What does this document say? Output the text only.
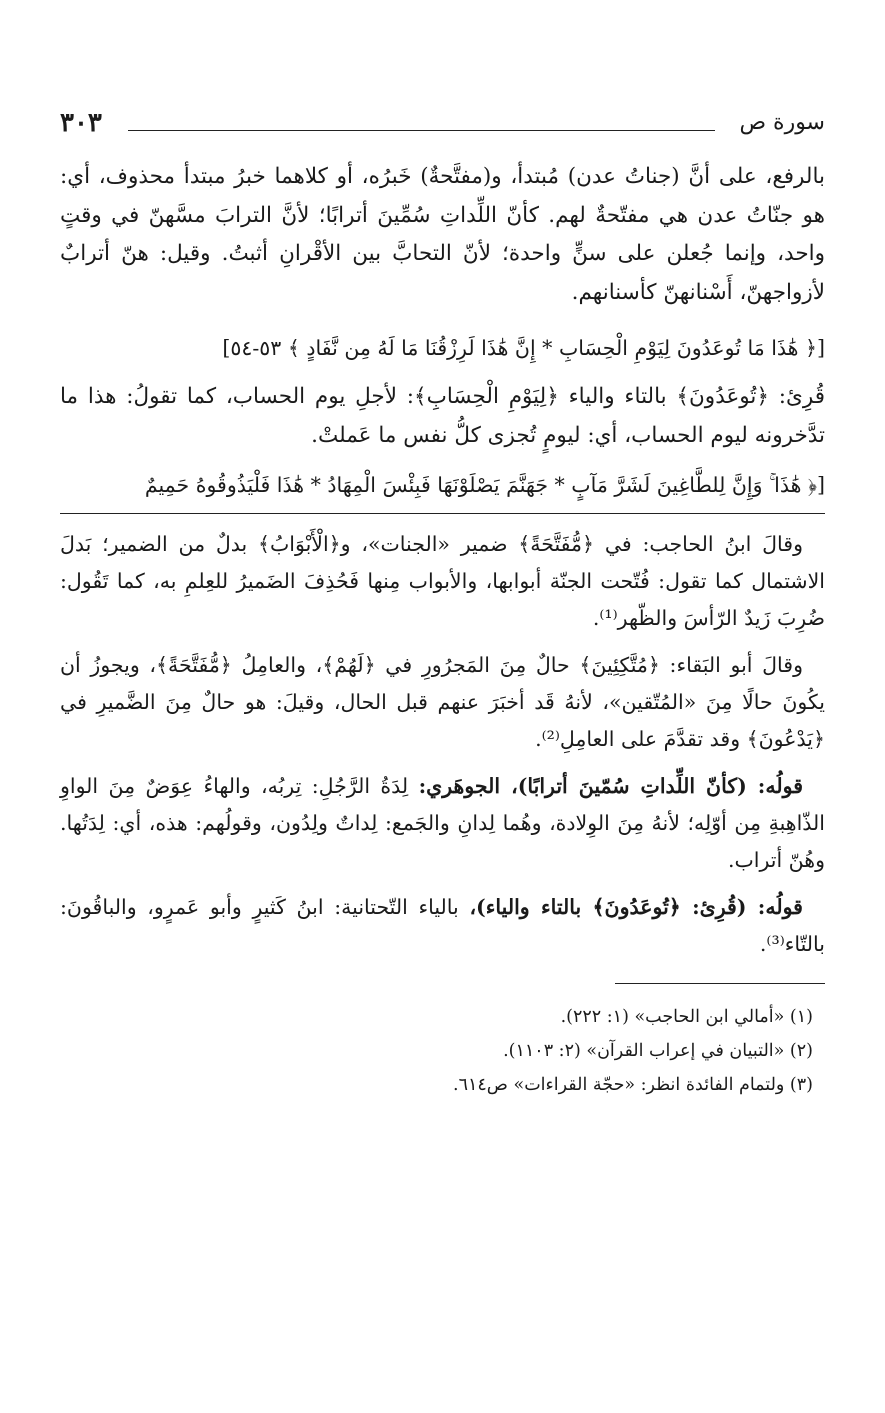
سورة ص
٣٠٣

بالرفع، على أنَّ (جناتُ عدن) مُبتدأ، و(مفتَّحةٌ) خَبرُه، أو كلاهما خبرُ مبتدأ محذوف، أي: هو جنّاتُ عدن هي مفتّحةٌ لهم. كأنّ اللِّداتِ سُمِّينَ أترابًا؛ لأنَّ الترابَ مسَّهنّ في وقتٍ واحد، وإنما جُعلن على سنٍّ واحدة؛ لأنّ التحابَّ بين الأقْرانِ أثبتُ. وقيل: هنّ أترابٌ لأزواجهنّ، أَسْنانهنّ كأسنانهم.

[﴿ هَٰذَا مَا تُوعَدُونَ لِيَوْمِ الْحِسَابِ * إِنَّ هَٰذَا لَرِزْقُنَا مَا لَهُ مِن نَّفَادٍ ﴾ ٥٣-٥٤]

قُرِئ: ﴿تُوعَدُونَ﴾ بالتاء والياء ﴿لِيَوْمِ الْحِسَابِ﴾: لأجلِ يوم الحساب، كما تقولُ: هذا ما تدَّخرونه ليوم الحساب، أي: ليومٍ تُجزى كلُّ نفس ما عَملتْ.

[﴿ هَٰذَا ۚ وَإِنَّ لِلطَّاغِينَ لَشَرَّ مَآبٍ * جَهَنَّمَ يَصْلَوْنَهَا فَبِئْسَ الْمِهَادُ * هَٰذَا فَلْيَذُوقُوهُ حَمِيمٌ

وقالَ ابنُ الحاجب: في ﴿مُّفَتَّحَةً﴾ ضمير «الجنات»، و﴿الْأَبْوَابُ﴾ بدلٌ من الضمير؛ بَدلَ الاشتمال كما تقول: فُتّحت الجنّة أبوابها، والأبواب مِنها فَحُذِفَ الضَميرُ للعِلمِ به، كما تَقُول: ضُرِبَ زَيدٌ الرّأسَ والظّهر⁽¹⁾.

وقالَ أبو البَقاء: ﴿مُتَّكِئِينَ﴾ حالٌ مِنَ المَجرُورِ في ﴿لَهُمْ﴾، والعامِلُ ﴿مُّفَتَّحَةً﴾، ويجوزُ أن يكُونَ حالًا مِنَ «المُتّقين»، لأنهُ قَد أخبَرَ عنهم قبل الحال، وقيلَ: هو حالٌ مِنَ الضَّميرِ في ﴿يَدْعُونَ﴾ وقد تقدَّمَ على العامِلِ⁽²⁾.

قولُه: (كأنّ اللِّداتِ سُمّينَ أترابًا)، الجوهَري: لِدَةُ الرَّجُلِ: تِربُه، والهاءُ عِوَضٌ مِنَ الواوِ الذّاهِبةِ مِن أوّلِه؛ لأنهُ مِنَ الوِلادة، وهُما لِدانِ والجَمع: لِداتٌ ولِدُون، وقولُهم: هذه، أي: لِدَتُها. وهُنّ أتراب.

قولُه: (قُرِئ: ﴿تُوعَدُونَ﴾ بالتاء والياء)، بالياء التّحتانية: ابنُ كَثيرٍ وأبو عَمرٍو، والباقُونَ: بالتّاء⁽³⁾.

(١) «أمالي ابن الحاجب» (١: ٢٢٢).

(٢) «التبيان في إعراب القرآن» (٢: ١١٠٣).

(٣) ولتمام الفائدة انظر: «حجّة القراءات» ص٦١٤.
